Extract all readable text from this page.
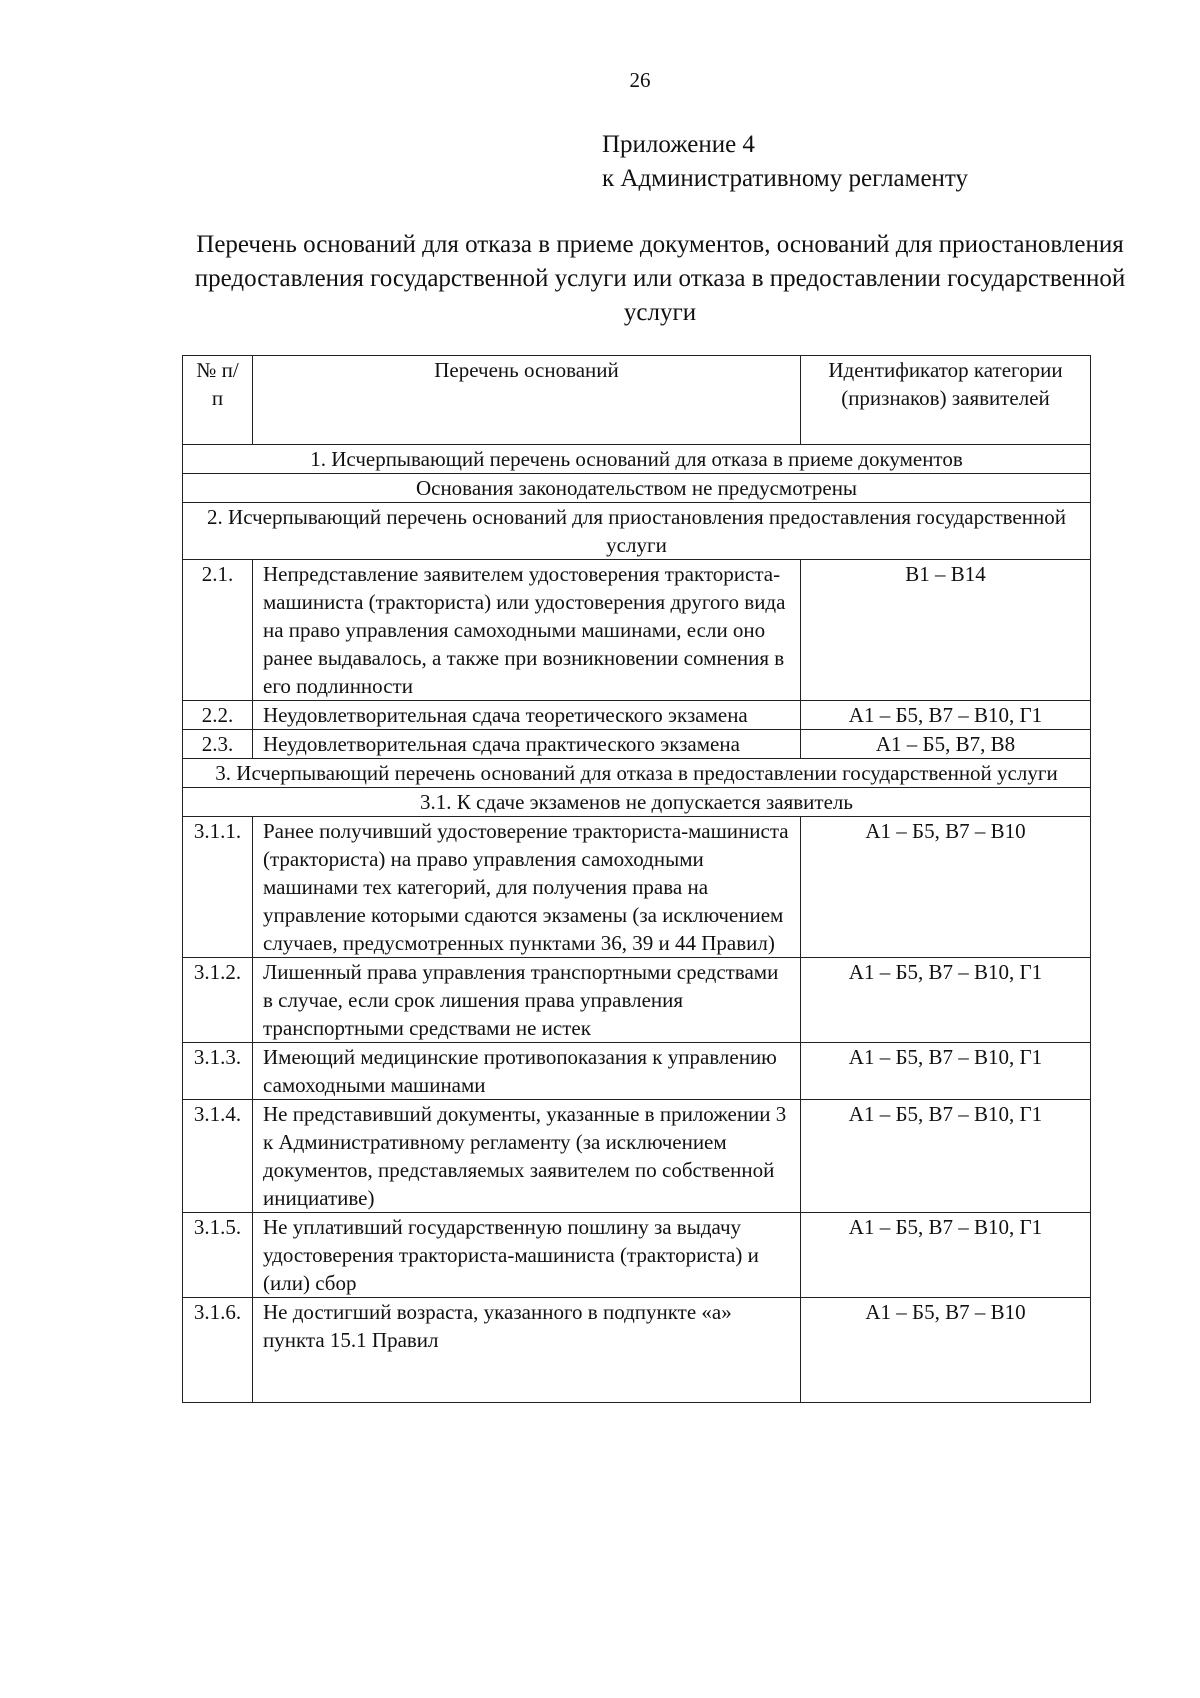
26
Приложение 4
к Административному регламенту
Перечень оснований для отказа в приеме документов, оснований для приостановления предоставления государственной услуги или отказа в предоставлении государственной услуги
№ п/п	Перечень оснований	Идентификатор категории (признаков) заявителей
1. Исчерпывающий перечень оснований для отказа в приеме документов		
Основания законодательством не предусмотрены		
2. Исчерпывающий перечень оснований для приостановления предоставления государственной услуги		
2.1.	Непредставление заявителем удостоверения тракториста-машиниста (тракториста) или удостоверения другого вида на право управления самоходными машинами, если оно ранее выдавалось, а также при возникновении сомнения в его подлинности	В1 – В14
2.2.	Неудовлетворительная сдача теоретического экзамена	А1 – Б5, В7 – В10, Г1
2.3.	Неудовлетворительная сдача практического экзамена	А1 – Б5, В7, В8
3. Исчерпывающий перечень оснований для отказа в предоставлении государственной услуги		
3.1. К сдаче экзаменов не допускается заявитель		
3.1.1.	Ранее получивший удостоверение тракториста-машиниста (тракториста) на право управления самоходными машинами тех категорий, для получения права на управление которыми сдаются экзамены (за исключением случаев, предусмотренных пунктами 36, 39 и 44 Правил)	А1 – Б5, В7 – В10
3.1.2.	Лишенный права управления транспортными средствами в случае, если срок лишения права управления транспортными средствами не истек	А1 – Б5, В7 – В10, Г1
3.1.3.	Имеющий медицинские противопоказания к управлению самоходными машинами	А1 – Б5, В7 – В10, Г1
3.1.4.	Не представивший документы, указанные в приложении 3 к Административному регламенту (за исключением документов, представляемых заявителем по собственной инициативе)	А1 – Б5, В7 – В10, Г1
3.1.5.	Не уплативший государственную пошлину за выдачу удостоверения тракториста-машиниста (тракториста) и (или) сбор	А1 – Б5, В7 – В10, Г1
3.1.6.	Не достигший возраста, указанного в подпункте «а» пункта 15.1 Правил	А1 – Б5, В7 – В10
